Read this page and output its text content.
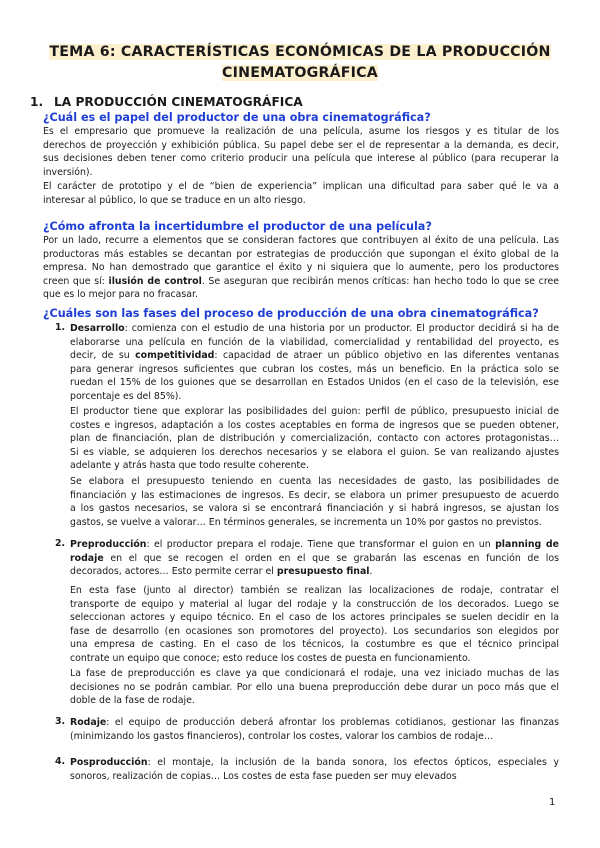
TEMA 6: CARACTERÍSTICAS ECONÓMICAS DE LA PRODUCCIÓN
CINEMATOGRÁFICA
1. LA PRODUCCIÓN CINEMATOGRÁFICA
¿Cuál es el papel del productor de una obra cinematográfica?
Es el empresario que promueve la realización de una película, asume los riesgos y es titular de los
derechos de proyección y exhibición pública. Su papel debe ser el de representar a la demanda, es decir,
sus decisiones deben tener como criterio producir una película que interese al público (para recuperar la
inversión).
El carácter de prototipo y el de “bien de experiencia” implican una dificultad para saber qué le va a
interesar al público, lo que se traduce en un alto riesgo.
¿Cómo afronta la incertidumbre el productor de una película?
Por un lado, recurre a elementos que se consideran factores que contribuyen al éxito de una película. Las
productoras más estables se decantan por estrategias de producción que supongan el éxito global de la
empresa. No han demostrado que garantice el éxito y ni siquiera que lo aumente, pero los productores
creen que sí: ilusión de control. Se aseguran que recibirán menos críticas: han hecho todo lo que se cree
que es lo mejor para no fracasar.
¿Cuáles son las fases del proceso de producción de una obra cinematográfica?
1. Desarrollo: comienza con el estudio de una historia por un productor. El productor decidirá si ha de
elaborarse una película en función de la viabilidad, comercialidad y rentabilidad del proyecto, es
decir, de su competitividad: capacidad de atraer un público objetivo en las diferentes ventanas
para generar ingresos suficientes que cubran los costes, más un beneficio. En la práctica solo se
ruedan el 15% de los guiones que se desarrollan en Estados Unidos (en el caso de la televisión, ese
porcentaje es del 85%).
El productor tiene que explorar las posibilidades del guion: perfil de público, presupuesto inicial de
costes e ingresos, adaptación a los costes aceptables en forma de ingresos que se pueden obtener,
plan de financiación, plan de distribución y comercialización, contacto con actores protagonistas…
Si es viable, se adquieren los derechos necesarios y se elabora el guion. Se van realizando ajustes
adelante y atrás hasta que todo resulte coherente.
Se elabora el presupuesto teniendo en cuenta las necesidades de gasto, las posibilidades de
financiación y las estimaciones de ingresos. Es decir, se elabora un primer presupuesto de acuerdo
a los gastos necesarios, se valora si se encontrará financiación y si habrá ingresos, se ajustan los
gastos, se vuelve a valorar… En términos generales, se incrementa un 10% por gastos no previstos.
2. Preproducción: el productor prepara el rodaje. Tiene que transformar el guion en un planning de
rodaje en el que se recogen el orden en el que se grabarán las escenas en función de los
decorados, actores… Esto permite cerrar el presupuesto final.
En esta fase (junto al director) también se realizan las localizaciones de rodaje, contratar el
transporte de equipo y material al lugar del rodaje y la construcción de los decorados. Luego se
seleccionan actores y equipo técnico. En el caso de los actores principales se suelen decidir en la
fase de desarrollo (en ocasiones son promotores del proyecto). Los secundarios son elegidos por
una empresa de casting. En el caso de los técnicos, la costumbre es que el técnico principal
contrate un equipo que conoce; esto reduce los costes de puesta en funcionamiento.
La fase de preproducción es clave ya que condicionará el rodaje, una vez iniciado muchas de las
decisiones no se podrán cambiar. Por ello una buena preproducción debe durar un poco más que el
doble de la fase de rodaje.
3. Rodaje: el equipo de producción deberá afrontar los problemas cotidianos, gestionar las finanzas
(minimizando los gastos financieros), controlar los costes, valorar los cambios de rodaje…
4. Posproducción: el montaje, la inclusión de la banda sonora, los efectos ópticos, especiales y
sonoros, realización de copias… Los costes de esta fase pueden ser muy elevados
1
